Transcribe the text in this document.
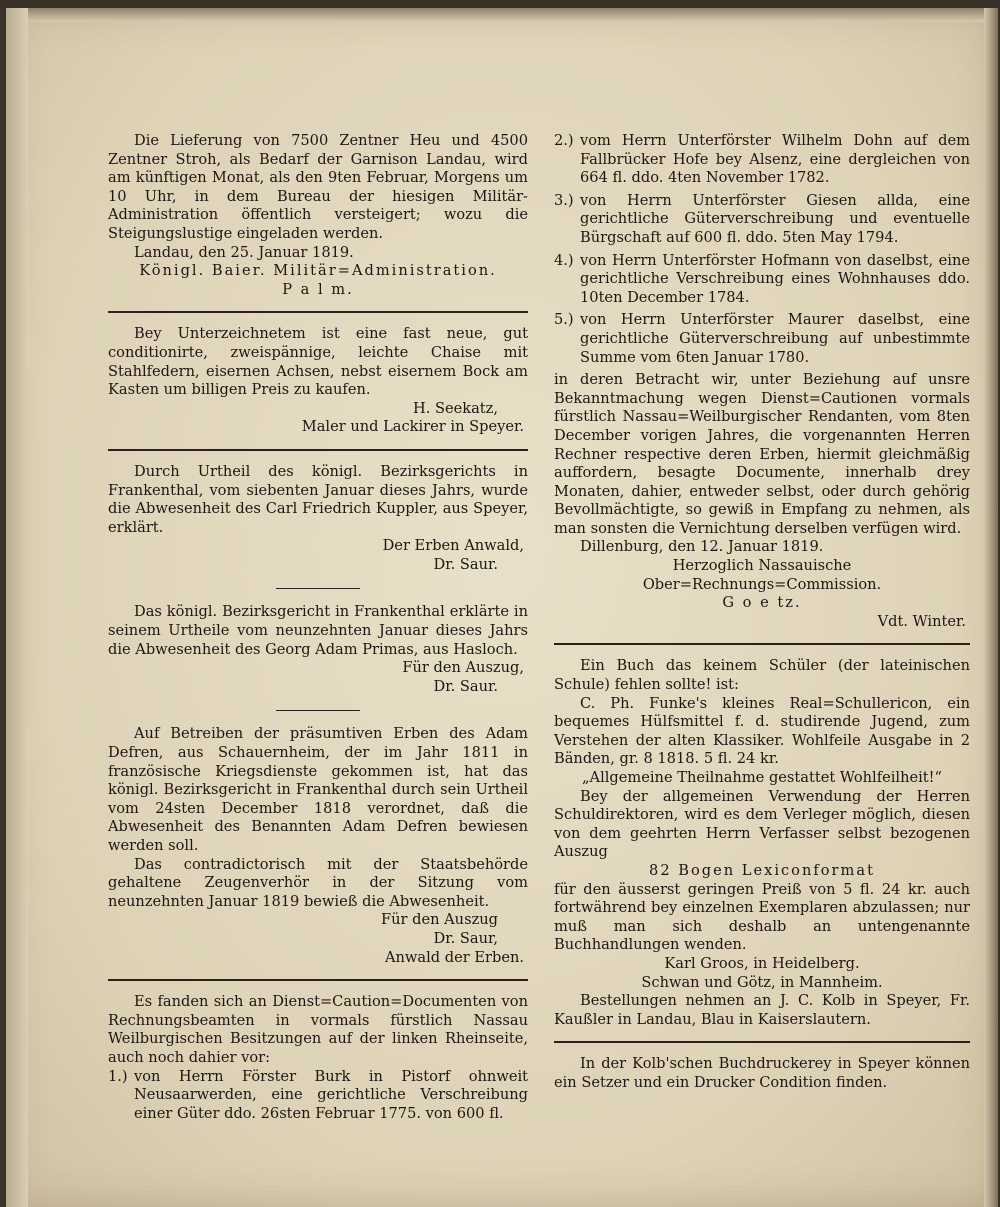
Die Lieferung von 7500 Zentner Heu und 4500 Zentner Stroh, als Bedarf der Garnison Landau, wird am künftigen Monat, als den 9ten Februar, Morgens um 10 Uhr, in dem Bureau der hiesigen Militär-Administration öffentlich versteigert; wozu die Steigungslustige eingeladen werden.

Landau, den 25. Januar 1819.

Königl. Baier. Militär=Administration.

P a l m.

Bey Unterzeichnetem ist eine fast neue, gut conditionirte, zweispännige, leichte Chaise mit Stahlfedern, eisernen Achsen, nebst eisernem Bock am Kasten um billigen Preis zu kaufen.

H. Seekatz,

Maler und Lackirer in Speyer.

Durch Urtheil des königl. Bezirksgerichts in Frankenthal, vom siebenten Januar dieses Jahrs, wurde die Abwesenheit des Carl Friedrich Kuppler, aus Speyer, erklärt.

Der Erben Anwald,

Dr. Saur.

Das königl. Bezirksgericht in Frankenthal erklärte in seinem Urtheile vom neunzehnten Januar dieses Jahrs die Abwesenheit des Georg Adam Primas, aus Hasloch.

Für den Auszug,

Dr. Saur.

Auf Betreiben der präsumtiven Erben des Adam Defren, aus Schauernheim, der im Jahr 1811 in französische Kriegsdienste gekommen ist, hat das königl. Bezirksgericht in Frankenthal durch sein Urtheil vom 24sten December 1818 verordnet, daß die Abwesenheit des Benannten Adam Defren bewiesen werden soll.

Das contradictorisch mit der Staatsbehörde gehaltene Zeugenverhör in der Sitzung vom neunzehnten Januar 1819 bewieß die Abwesenheit.

Für den Auszug

Dr. Saur,

Anwald der Erben.

Es fanden sich an Dienst=Caution=Documenten von Rechnungsbeamten in vormals fürstlich Nassau Weilburgischen Besitzungen auf der linken Rheinseite, auch noch dahier vor:

1.) von Herrn Förster Burk in Pistorf ohnweit Neusaarwerden, eine gerichtliche Verschreibung einer Güter ddo. 26sten Februar 1775. von 600 fl.
2.) vom Herrn Unterförster Wilhelm Dohn auf dem Fallbrücker Hofe bey Alsenz, eine dergleichen von 664 fl. ddo. 4ten November 1782.
3.) von Herrn Unterförster Giesen allda, eine gerichtliche Güterverschreibung und eventuelle Bürgschaft auf 600 fl. ddo. 5ten May 1794.
4.) von Herrn Unterförster Hofmann von daselbst, eine gerichtliche Verschreibung eines Wohnhauses ddo. 10ten December 1784.
5.) von Herrn Unterförster Maurer daselbst, eine gerichtliche Güterverschreibung auf unbestimmte Summe vom 6ten Januar 1780.

in deren Betracht wir, unter Beziehung auf unsre Bekanntmachung wegen Dienst=Cautionen vormals fürstlich Nassau=Weilburgischer Rendanten, vom 8ten December vorigen Jahres, die vorgenannten Herren Rechner respective deren Erben, hiermit gleichmäßig auffordern, besagte Documente, innerhalb drey Monaten, dahier, entweder selbst, oder durch gehörig Bevollmächtigte, so gewiß in Empfang zu nehmen, als man sonsten die Vernichtung derselben verfügen wird.

Dillenburg, den 12. Januar 1819.

Herzoglich Nassauische Ober=Rechnungs=Commission.

G o e tz.

Vdt. Winter.

Ein Buch das keinem Schüler (der lateinischen Schule) fehlen sollte! ist:

C. Ph. Funke's kleines Real=Schullericon, ein bequemes Hülfsmittel f. d. studirende Jugend, zum Verstehen der alten Klassiker. Wohlfeile Ausgabe in 2 Bänden, gr. 8 1818. 5 fl. 24 kr.

„Allgemeine Theilnahme gestattet Wohlfeilheit!“

Bey der allgemeinen Verwendung der Herren Schuldirektoren, wird es dem Verleger möglich, diesen von dem geehrten Herrn Verfasser selbst bezogenen Auszug

82 Bogen Lexiconformat

für den äusserst geringen Preiß von 5 fl. 24 kr. auch fortwährend bey einzelnen Exemplaren abzulassen; nur muß man sich deshalb an untengenannte Buchhandlungen wenden.

Karl Groos, in Heidelberg.

Schwan und Götz, in Mannheim.

Bestellungen nehmen an J. C. Kolb in Speyer, Fr. Kaußler in Landau, Blau in Kaiserslautern.

In der Kolb'schen Buchdruckerey in Speyer können ein Setzer und ein Drucker Condition finden.
